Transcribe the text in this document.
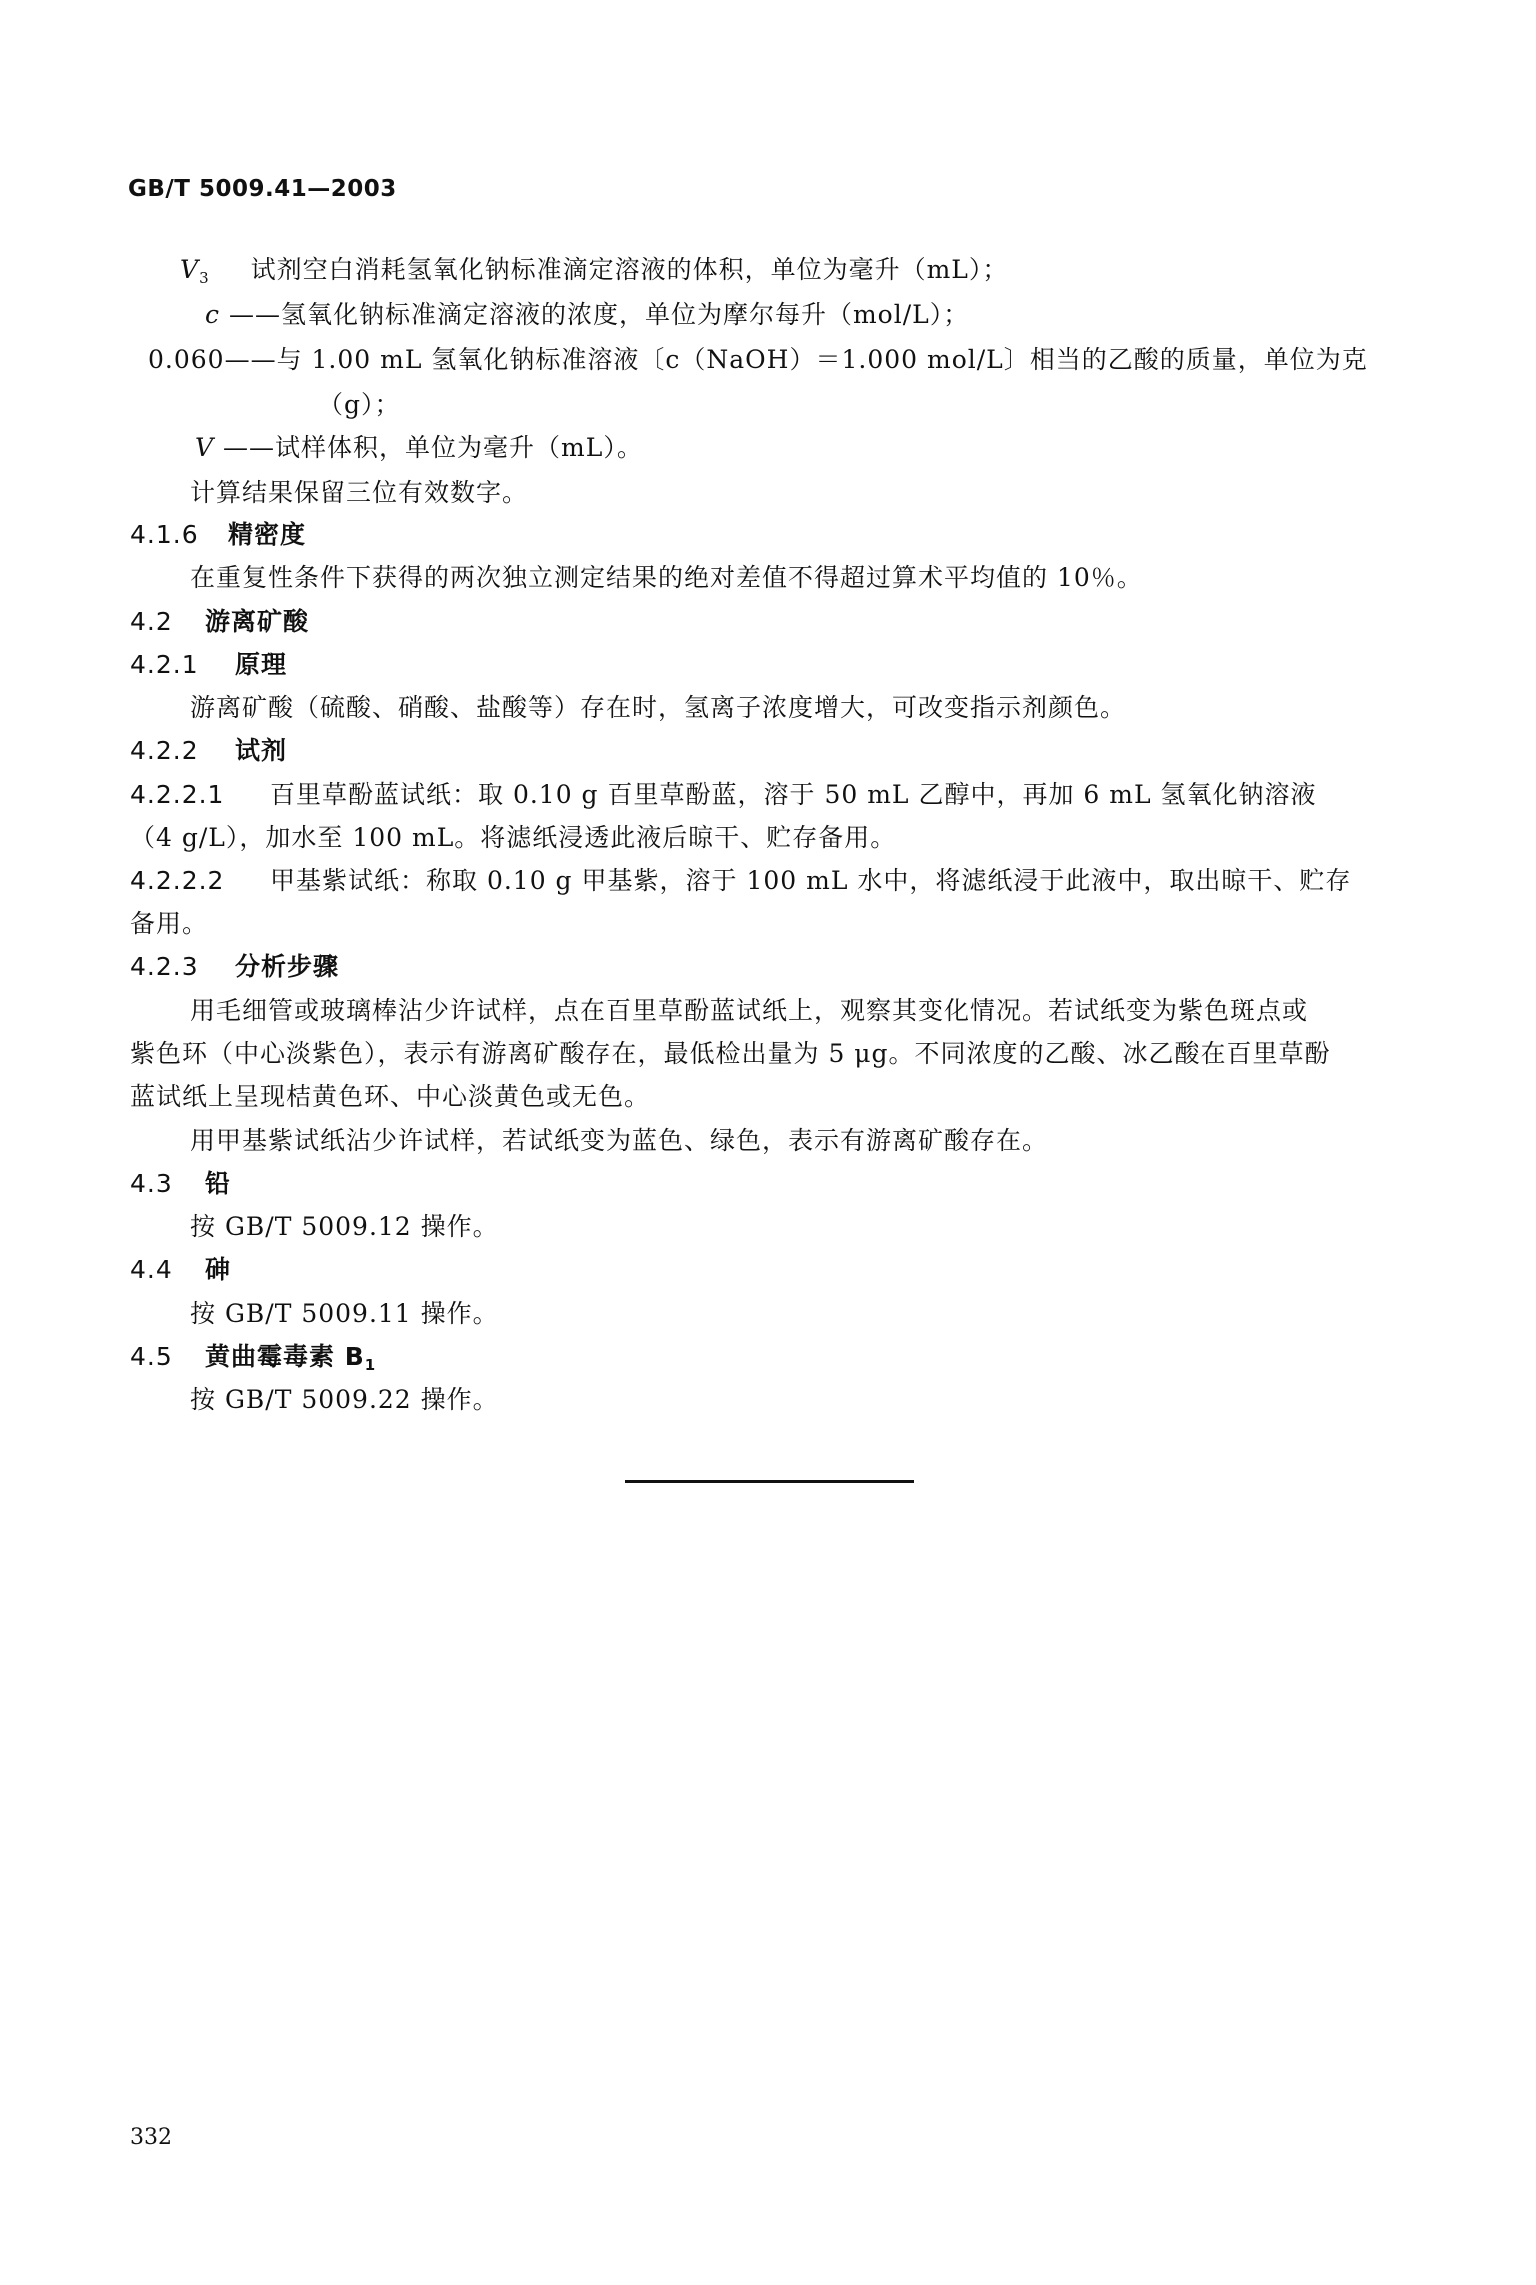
GB/T 5009.41—2003
$V_3$ 试剂空白消耗氢氧化钠标准滴定溶液的体积，单位为毫升（mL）；
c ——氢氧化钠标准滴定溶液的浓度，单位为摩尔每升（mol/L）；
0.060——与 1.00 mL 氢氧化钠标准溶液〔c（NaOH）＝1.000 mol/L〕相当的乙酸的质量，单位为克
（g）；
V ——试样体积，单位为毫升（mL）。
计算结果保留三位有效数字。
4.1.6 精密度
在重复性条件下获得的两次独立测定结果的绝对差值不得超过算术平均值的 10％。
4.2 游离矿酸
4.2.1 原理
游离矿酸（硫酸、硝酸、盐酸等）存在时，氢离子浓度增大，可改变指示剂颜色。
4.2.2 试剂
4.2.2.1 百里草酚蓝试纸：取 0.10 g 百里草酚蓝，溶于 50 mL 乙醇中，再加 6 mL 氢氧化钠溶液
（4 g/L），加水至 100 mL。将滤纸浸透此液后晾干、贮存备用。
4.2.2.2 甲基紫试纸：称取 0.10 g 甲基紫，溶于 100 mL 水中，将滤纸浸于此液中，取出晾干、贮存
备用。
4.2.3 分析步骤
用毛细管或玻璃棒沾少许试样，点在百里草酚蓝试纸上，观察其变化情况。若试纸变为紫色斑点或
紫色环（中心淡紫色），表示有游离矿酸存在，最低检出量为 5 μg。不同浓度的乙酸、冰乙酸在百里草酚
蓝试纸上呈现桔黄色环、中心淡黄色或无色。
用甲基紫试纸沾少许试样，若试纸变为蓝色、绿色，表示有游离矿酸存在。
4.3 铅
按 GB/T 5009.12 操作。
4.4 砷
按 GB/T 5009.11 操作。
4.5 黄曲霉毒素 $B_1$
按 GB/T 5009.22 操作。
332
